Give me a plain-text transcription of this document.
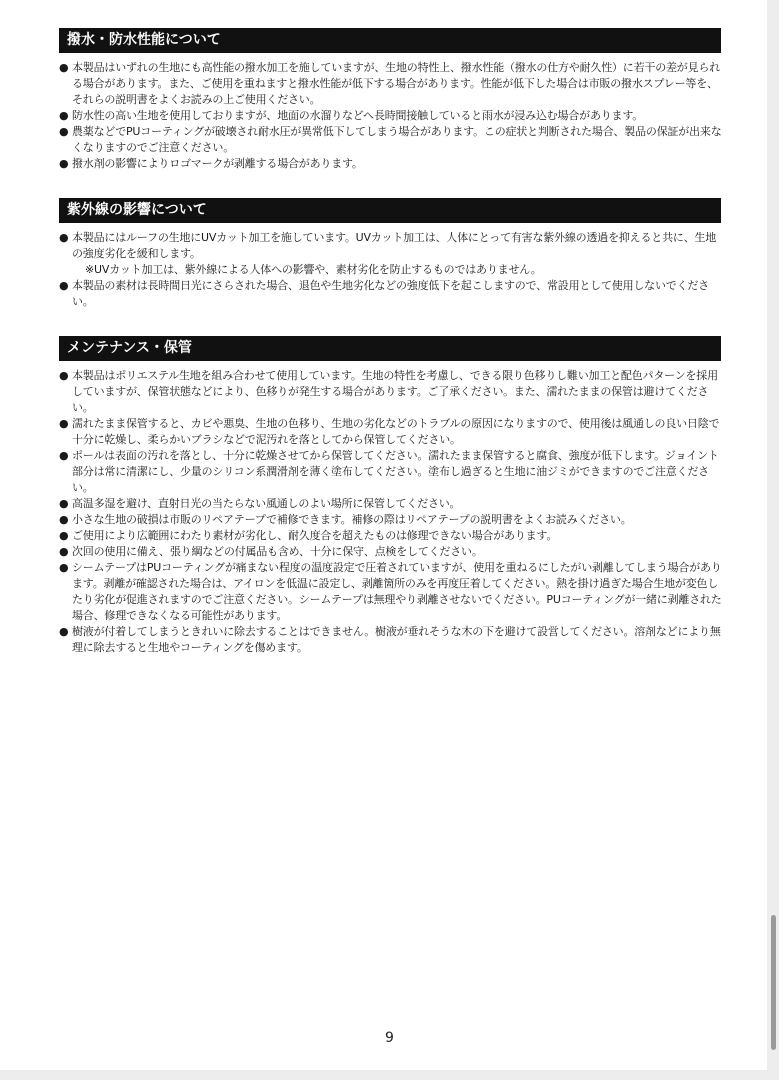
撥水・防水性能について
● 本製品はいずれの生地にも高性能の撥水加工を施していますが、生地の特性上、撥水性能（撥水の仕方や耐久性）に若干の差が見られる場合があります。また、ご使用を重ねますと撥水性能が低下する場合があります。性能が低下した場合は市販の撥水スプレー等を、それらの説明書をよくお読みの上ご使用ください。
● 防水性の高い生地を使用しておりますが、地面の水溜りなどへ長時間接触していると雨水が浸み込む場合があります。
● 農薬などでPUコーティングが破壊され耐水圧が異常低下してしまう場合があります。この症状と判断された場合、製品の保証が出来なくなりますのでご注意ください。
● 撥水剤の影響によりロゴマークが剥離する場合があります。
紫外線の影響について
● 本製品にはルーフの生地にUVカット加工を施しています。UVカット加工は、人体にとって有害な紫外線の透過を抑えると共に、生地の強度劣化を緩和します。
※UVカット加工は、紫外線による人体への影響や、素材劣化を防止するものではありません。
● 本製品の素材は長時間日光にさらされた場合、退色や生地劣化などの強度低下を起こしますので、常設用として使用しないでください。
メンテナンス・保管
● 本製品はポリエステル生地を組み合わせて使用しています。生地の特性を考慮し、できる限り色移りし難い加工と配色パターンを採用していますが、保管状態などにより、色移りが発生する場合があります。ご了承ください。また、濡れたままの保管は避けてください。
● 濡れたまま保管すると、カビや悪臭、生地の色移り、生地の劣化などのトラブルの原因になりますので、使用後は風通しの良い日陰で十分に乾燥し、柔らかいブラシなどで泥汚れを落としてから保管してください。
● ポールは表面の汚れを落とし、十分に乾燥させてから保管してください。濡れたまま保管すると腐食、強度が低下します。ジョイント部分は常に清潔にし、少量のシリコン系潤滑剤を薄く塗布してください。塗布し過ぎると生地に油ジミができますのでご注意ください。
● 高温多湿を避け、直射日光の当たらない風通しのよい場所に保管してください。
● 小さな生地の破損は市販のリペアテープで補修できます。補修の際はリペアテープの説明書をよくお読みください。
● ご使用により広範囲にわたり素材が劣化し、耐久度合を超えたものは修理できない場合があります。
● 次回の使用に備え、張り綱などの付属品も含め、十分に保守、点検をしてください。
● シームテープはPUコーティングが痛まない程度の温度設定で圧着されていますが、使用を重ねるにしたがい剥離してしまう場合があります。剥離が確認された場合は、アイロンを低温に設定し、剥離箇所のみを再度圧着してください。熱を掛け過ぎた場合生地が変色したり劣化が促進されますのでご注意ください。シームテープは無理やり剥離させないでください。PUコーティングが一緒に剥離された場合、修理できなくなる可能性があります。
● 樹液が付着してしまうときれいに除去することはできません。樹液が垂れそうな木の下を避けて設営してください。溶剤などにより無理に除去すると生地やコーティングを傷めます。
9
